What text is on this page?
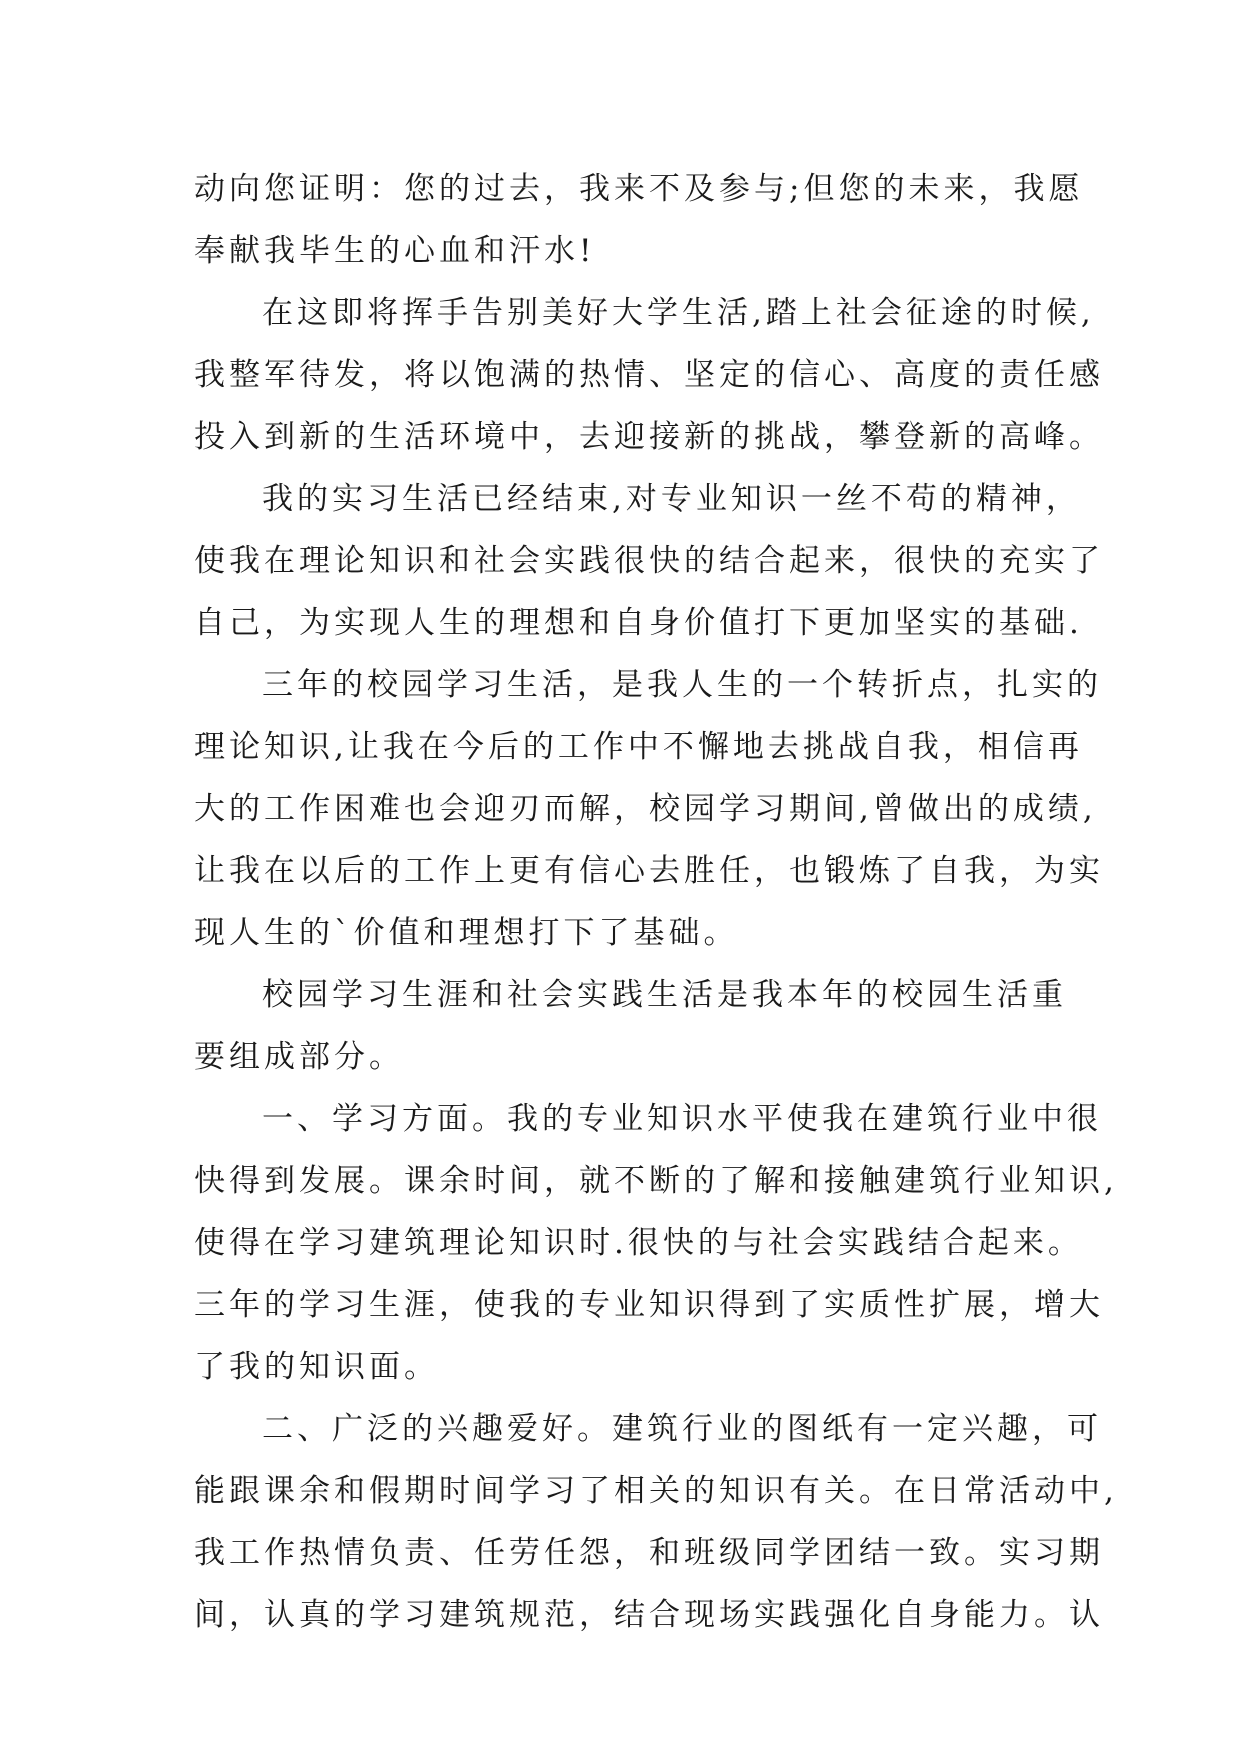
动向您证明：您的过去，我来不及参与;但您的未来，我愿
奉献我毕生的心血和汗水!
在这即将挥手告别美好大学生活,踏上社会征途的时候,
我整军待发，将以饱满的热情、坚定的信心、高度的责任感
投入到新的生活环境中，去迎接新的挑战，攀登新的高峰。
我的实习生活已经结束,对专业知识一丝不苟的精神，
使我在理论知识和社会实践很快的结合起来，很快的充实了
自己，为实现人生的理想和自身价值打下更加坚实的基础.
三年的校园学习生活，是我人生的一个转折点，扎实的
理论知识,让我在今后的工作中不懈地去挑战自我，相信再
大的工作困难也会迎刃而解，校园学习期间,曾做出的成绩,
让我在以后的工作上更有信心去胜任，也锻炼了自我，为实
现人生的`价值和理想打下了基础。
校园学习生涯和社会实践生活是我本年的校园生活重
要组成部分。
一、学习方面。我的专业知识水平使我在建筑行业中很
快得到发展。课余时间，就不断的了解和接触建筑行业知识,
使得在学习建筑理论知识时.很快的与社会实践结合起来。
三年的学习生涯，使我的专业知识得到了实质性扩展，增大
了我的知识面。
二、广泛的兴趣爱好。建筑行业的图纸有一定兴趣，可
能跟课余和假期时间学习了相关的知识有关。在日常活动中,
我工作热情负责、任劳任怨，和班级同学团结一致。实习期
间，认真的学习建筑规范，结合现场实践强化自身能力。认
